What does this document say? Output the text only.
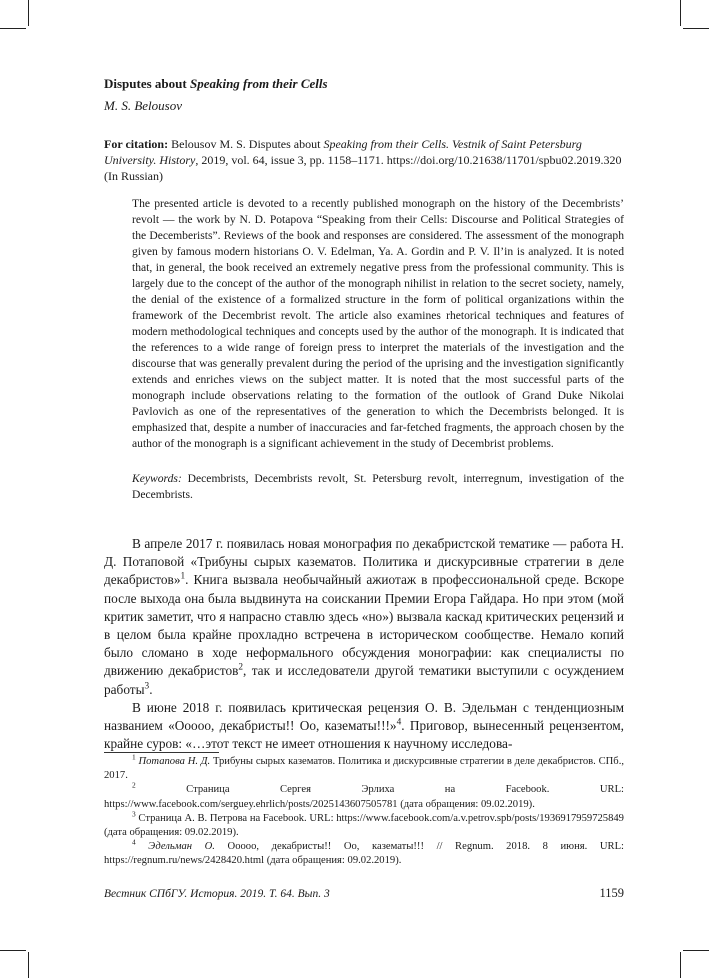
Disputes about Speaking from their Cells
M. S. Belousov

For citation: Belousov M. S. Disputes about Speaking from their Cells. Vestnik of Saint Petersburg University. History, 2019, vol. 64, issue 3, pp. 1158–1171. https://doi.org/10.21638/11701/spbu02.2019.320 (In Russian)

The presented article is devoted to a recently published monograph on the history of the Decembrists’ revolt — the work by N. D. Potapova “Speaking from their Cells: Discourse and Political Strategies of the Decemberists”. Reviews of the book and responses are considered. The assessment of the monograph given by famous modern historians O. V. Edelman, Ya. A. Gordin and P. V. Il’in is analyzed. It is noted that, in general, the book received an extremely negative press from the professional community. This is largely due to the concept of the author of the monograph nihilist in relation to the secret society, namely, the denial of the existence of a formalized structure in the form of political organizations within the framework of the Decembrist revolt. The article also examines rhetorical techniques and features of modern methodological techniques and concepts used by the author of the monograph. It is indicated that the references to a wide range of foreign press to interpret the materials of the investigation and the discourse that was generally prevalent during the period of the uprising and the investigation significantly extends and enriches views on the subject matter. It is noted that the most successful parts of the monograph include observations relating to the formation of the outlook of Grand Duke Nikolai Pavlovich as one of the representatives of the generation to which the Decembrists belonged. It is emphasized that, despite a number of inaccuracies and far-fetched fragments, the approach chosen by the author of the monograph is a significant achievement in the study of Decembrist problems.

Keywords: Decembrists, Decembrists revolt, St. Petersburg revolt, interregnum, investigation of the Decembrists.

В апреле 2017 г. появилась новая монография по декабристской тематике — работа Н. Д. Потаповой «Трибуны сырых казематов. Политика и дискурсивные стратегии в деле декабристов»$^1$. Книга вызвала необычайный ажиотаж в профессиональной среде. Вскоре после выхода она была выдвинута на соискании Премии Егора Гайдара. Но при этом (мой критик заметит, что я напрасно ставлю здесь «но») вызвала каскад критических рецензий и в целом была крайне прохладно встречена в историческом сообществе. Немало копий было сломано в ходе неформального обсуждения монографии: как специалисты по движению декабристов$^2$, так и исследователи другой тематики выступили с осуждением работы$^3$.

В июне 2018 г. появилась критическая рецензия О. В. Эдельман с тенденциозным названием «Ооооо, декабристы!! Оо, казематы!!!»$^4$. Приговор, вынесенный рецензентом, крайне суров: «…этот текст не имеет отношения к научному исследова-

$^1$ Потапова Н. Д. Трибуны сырых казематов. Политика и дискурсивные стратегии в деле декабристов. СПб., 2017.

$^2$	Страница Сергея Эрлиха на Facebook. URL: https://www.facebook.com/serguey.ehrlich/posts/2025143607505781 (дата обращения: 09.02.2019).

$^3$ Страница А. В. Петрова на Facebook. URL: https://www.facebook.com/a.v.petrov.spb/posts/1936917959725849 (дата обращения: 09.02.2019).

$^4$ Эдельман О. Ооооо, декабристы!! Оо, казематы!!! // Regnum. 2018. 8 июня. URL: https://regnum.ru/news/2428420.html (дата обращения: 09.02.2019).

Вестник СПбГУ. История. 2019. Т. 64. Вып. 3	1159
